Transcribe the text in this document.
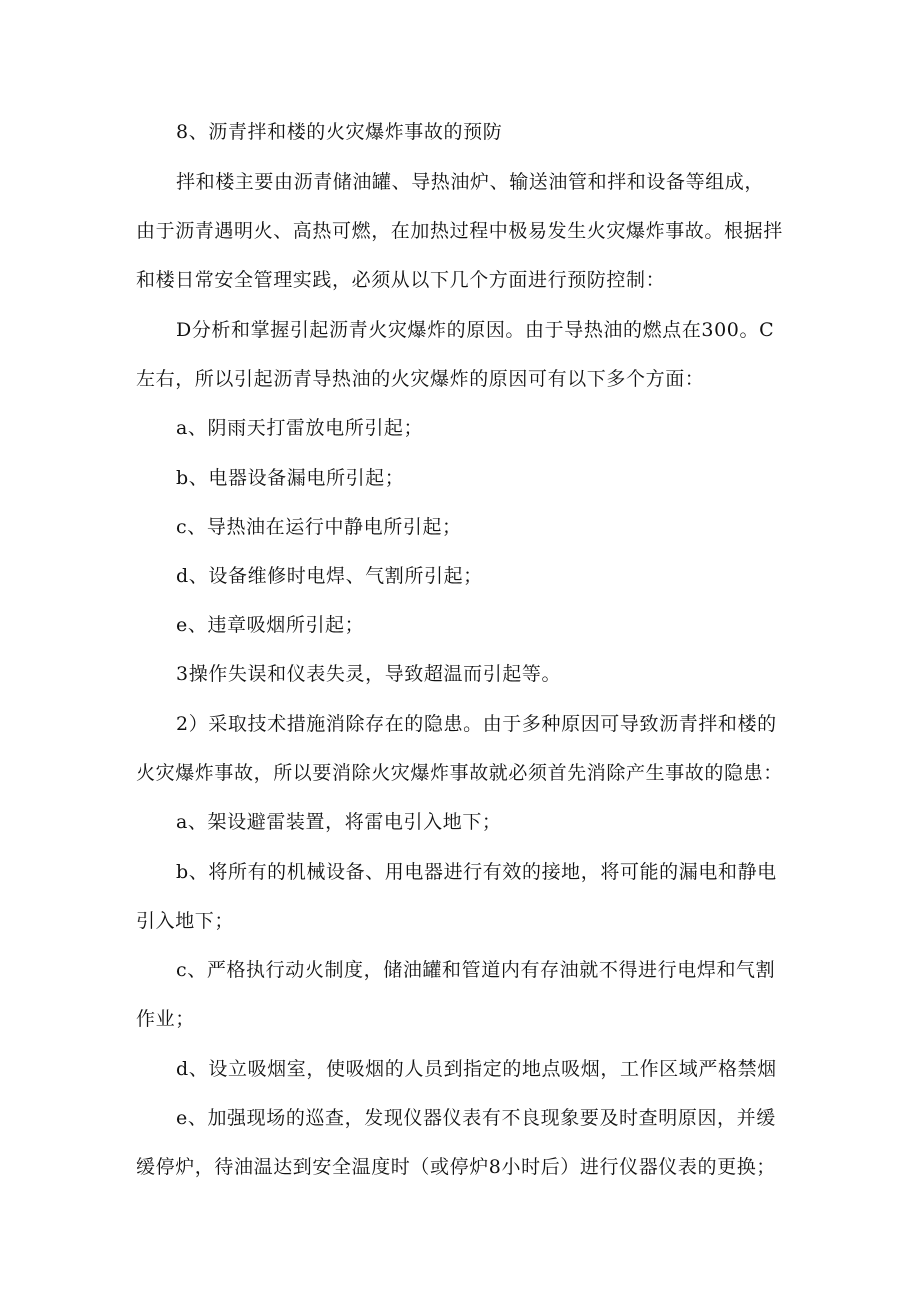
8、沥青拌和楼的火灾爆炸事故的预防
拌和楼主要由沥青储油罐、导热油炉、输送油管和拌和设备等组成，
由于沥青遇明火、高热可燃，在加热过程中极易发生火灾爆炸事故。根据拌
和楼日常安全管理实践，必须从以下几个方面进行预防控制：
D分析和掌握引起沥青火灾爆炸的原因。由于导热油的燃点在300。C
左右，所以引起沥青导热油的火灾爆炸的原因可有以下多个方面：
a、阴雨天打雷放电所引起；
b、电器设备漏电所引起；
c、导热油在运行中静电所引起；
d、设备维修时电焊、气割所引起；
e、违章吸烟所引起；
3操作失误和仪表失灵，导致超温而引起等。
2）采取技术措施消除存在的隐患。由于多种原因可导致沥青拌和楼的
火灾爆炸事故，所以要消除火灾爆炸事故就必须首先消除产生事故的隐患：
a、架设避雷装置，将雷电引入地下；
b、将所有的机械设备、用电器进行有效的接地，将可能的漏电和静电
引入地下；
c、严格执行动火制度，储油罐和管道内有存油就不得进行电焊和气割
作业；
d、设立吸烟室，使吸烟的人员到指定的地点吸烟，工作区域严格禁烟
e、加强现场的巡查，发现仪器仪表有不良现象要及时查明原因，并缓
缓停炉，待油温达到安全温度时（或停炉8小时后）进行仪器仪表的更换；
